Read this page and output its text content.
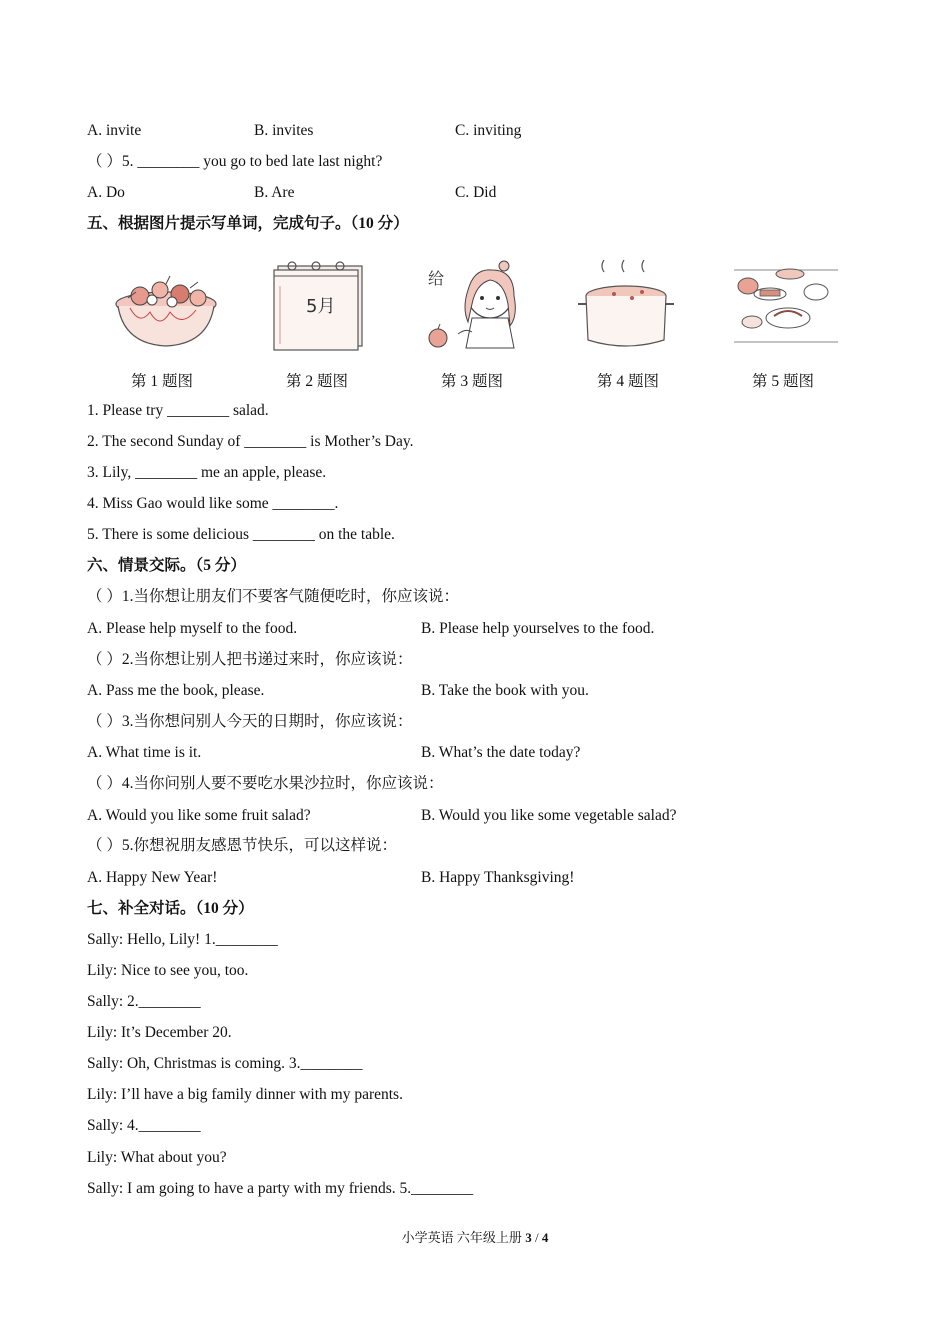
A. invite	B. invites	C. inviting
（ ）5. ________ you go to bed late last night?
A. Do	B. Are	C. Did
五、根据图片提示写单词，完成句子。（10 分）
5月
给
第 1 题图	第 2 题图	第 3 题图	第 4 题图	第 5 题图
1. Please try ________ salad.
2. The second Sunday of ________ is Mother’s Day.
3. Lily, ________ me an apple, please.
4. Miss Gao would like some ________.
5. There is some delicious ________ on the table.
六、情景交际。（5 分）
（ ）1.当你想让朋友们不要客气随便吃时，你应该说：
A. Please help myself to the food.	B. Please help yourselves to the food.
（ ）2.当你想让别人把书递过来时，你应该说：
A. Pass me the book, please.	B. Take the book with you.
（ ）3.当你想问别人今天的日期时，你应该说：
A. What time is it.	B. What’s the date today?
（ ）4.当你问别人要不要吃水果沙拉时，你应该说：
A. Would you like some fruit salad?	B. Would you like some vegetable salad?
（ ）5.你想祝朋友感恩节快乐，可以这样说：
A. Happy New Year!	B. Happy Thanksgiving!
七、补全对话。（10 分）
Sally: Hello, Lily! 1.________
Lily: Nice to see you, too.
Sally: 2.________
Lily: It’s December 20.
Sally: Oh, Christmas is coming. 3.________
Lily: I’ll have a big family dinner with my parents.
Sally: 4.________
Lily: What about you?
Sally: I am going to have a party with my friends. 5.________
小学英语 六年级上册 3 / 4
